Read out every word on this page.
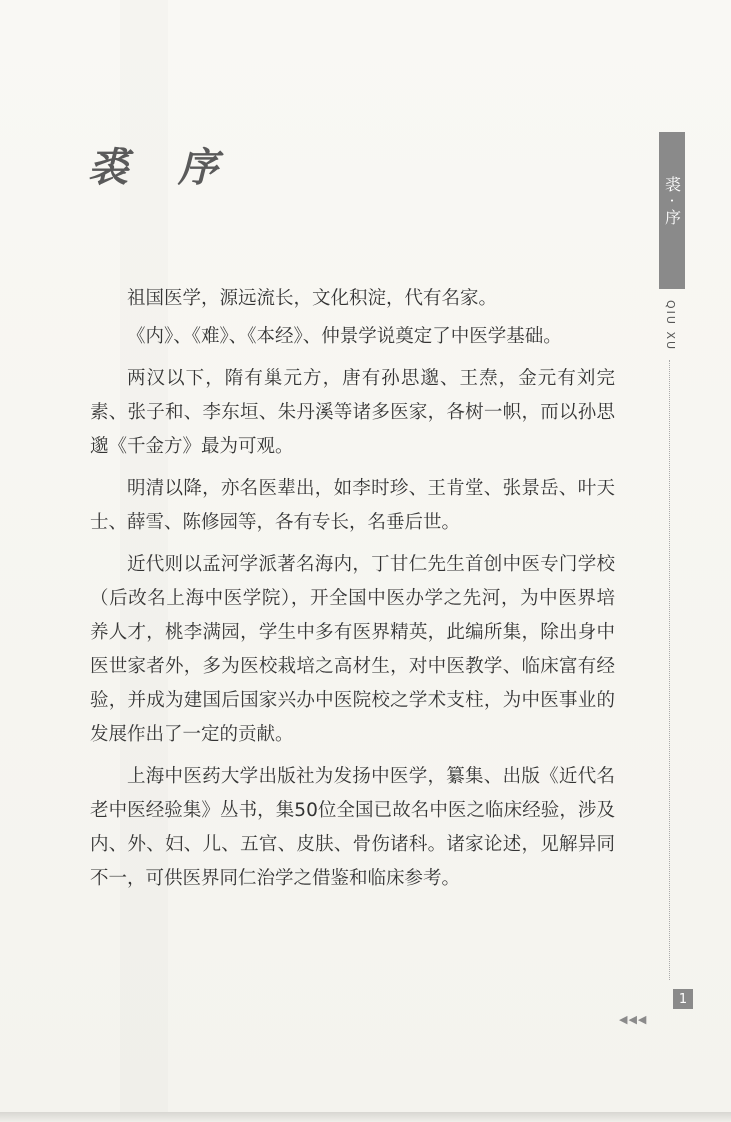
裘 序

祖国医学，源远流长，文化积淀，代有名家。

《内》、《难》、《本经》、仲景学说奠定了中医学基础。

两汉以下，隋有巢元方，唐有孙思邈、王焘，金元有刘完素、张子和、李东垣、朱丹溪等诸多医家，各树一帜，而以孙思邈《千金方》最为可观。

明清以降，亦名医辈出，如李时珍、王肯堂、张景岳、叶天士、薛雪、陈修园等，各有专长，名垂后世。

近代则以孟河学派著名海内，丁甘仁先生首创中医专门学校（后改名上海中医学院），开全国中医办学之先河，为中医界培养人才，桃李满园，学生中多有医界精英，此编所集，除出身中医世家者外，多为医校栽培之高材生，对中医教学、临床富有经验，并成为建国后国家兴办中医院校之学术支柱，为中医事业的发展作出了一定的贡献。

上海中医药大学出版社为发扬中医学，纂集、出版《近代名老中医经验集》丛书，集50位全国已故名中医之临床经验，涉及内、外、妇、儿、五官、皮肤、骨伤诸科。诸家论述，见解异同不一，可供医界同仁治学之借鉴和临床参考。

裘·序
QIU XU
1
◀◀◀
